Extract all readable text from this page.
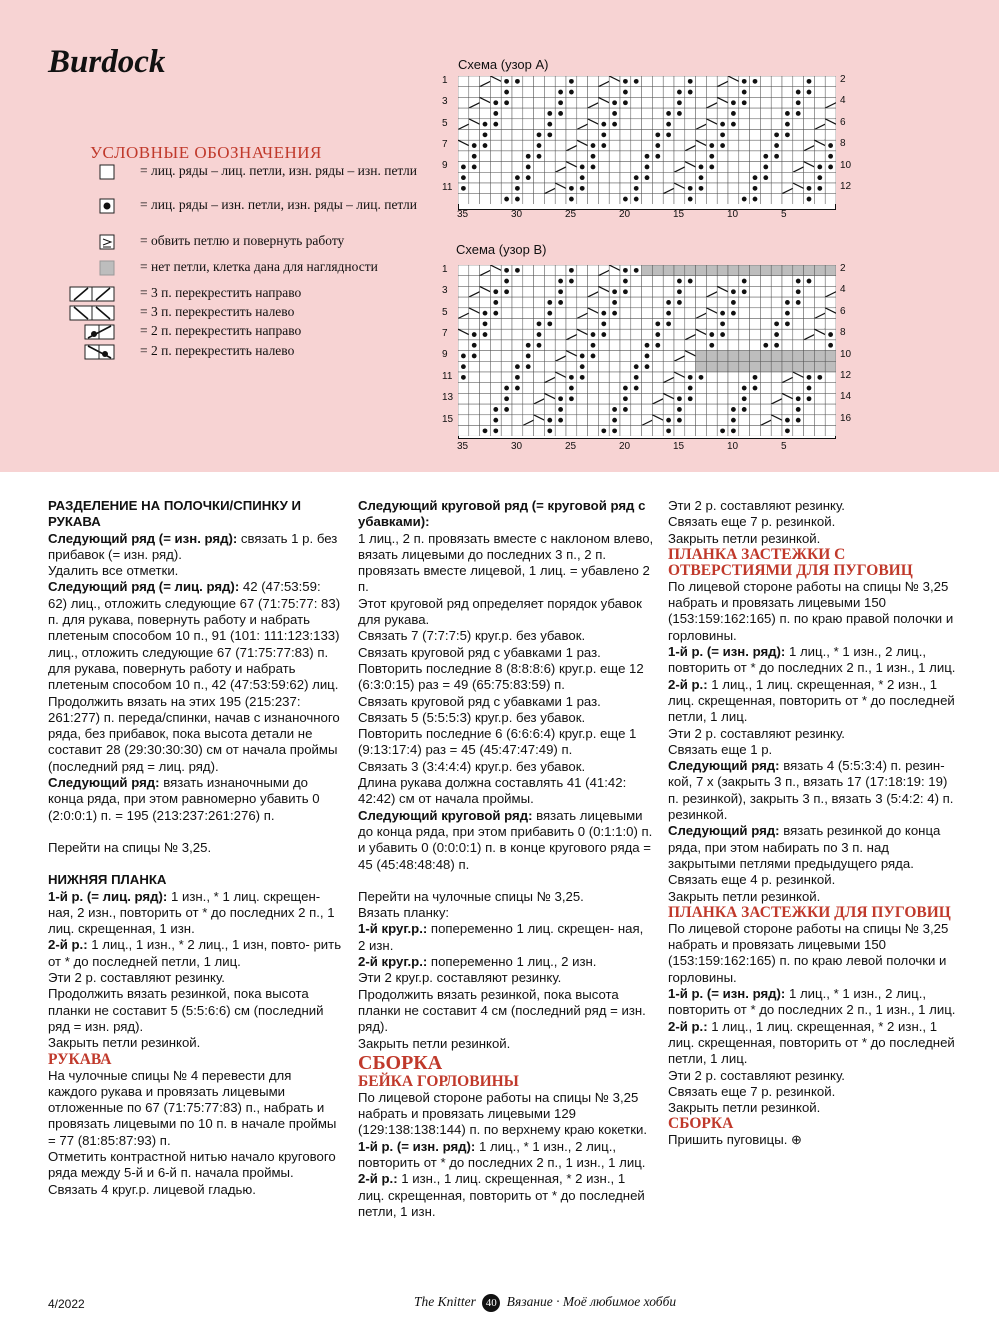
Burdock
УСЛОВНЫЕ ОБОЗНАЧЕНИЯ
= лиц. ряды – лиц. петли, изн. ряды – изн. петли
= лиц. ряды – изн. петли, изн. ряды – лиц. петли
= обвить петлю и повернуть работу
= нет петли, клетка дана для наглядности
= 3 п. перекрестить направо
= 3 п. перекрестить налево
= 2 п. перекрестить направо
= 2 п. перекрестить налево
Схема (узор A)
11
9
7
5
3
1
12
10
8
6
4
2
35	30	25	20	15	10	5
Схема (узор B)
15
13
11
9
7
5
3
1
16
14
12
10
8
6
4
2
35	30	25	20	15	10	5

РАЗДЕЛЕНИЕ НА ПОЛОЧКИ/СПИНКУ И РУКАВА

Следующий ряд (= изн. ряд): связать 1 р. без прибавок (= изн. ряд).

Удалить все отметки.

Следующий ряд (= лиц. ряд): 42 (47:53:59: 62) лиц., отложить следующие 67 (71:75:77: 83) п. для рукава, повернуть работу и набрать плетеным способом 10 п., 91 (101: 111:123:133) лиц., отложить следующие 67 (71:75:77:83) п. для рукава, повернуть работу и набрать плетеным способом 10 п., 42 (47:53:59:62) лиц.

Продолжить вязать на этих 195 (215:237: 261:277) п. переда/спинки, начав с изнаночного ряда, без прибавок, пока высота детали не составит 28 (29:30:30:30) см от начала проймы (последний ряд = лиц. ряд).

Следующий ряд: вязать изнаночными до конца ряда, при этом равномерно убавить 0 (2:0:0:1) п. = 195 (213:237:261:276) п.

Перейти на спицы № 3,25.

НИЖНЯЯ ПЛАНКА

1-й р. (= лиц. ряд): 1 изн., * 1 лиц. скрещен- ная, 2 изн., повторить от * до последних 2 п., 1 лиц. скрещенная, 1 изн.

2-й р.: 1 лиц., 1 изн., * 2 лиц., 1 изн, повто- рить от * до последней петли, 1 лиц.

Эти 2 р. составляют резинку.

Продолжить вязать резинкой, пока высота планки не составит 5 (5:5:6:6) см (последний ряд = изн. ряд).

Закрыть петли резинкой.

РУКАВА

На чулочные спицы № 4 перевести для каждого рукава и провязать лицевыми отложенные по 67 (71:75:77:83) п., набрать и провязать лицевыми по 10 п. в начале проймы = 77 (81:85:87:93) п.

Отметить контрастной нитью начало кругового ряда между 5-й и 6-й п. начала проймы.

Связать 4 круг.р. лицевой гладью.

Следующий круговой ряд (= круговой ряд с убавками):

1 лиц., 2 п. провязать вместе с наклоном влево, вязать лицевыми до последних 3 п., 2 п. провязать вместе лицевой, 1 лиц. = убавлено 2 п.

Этот круговой ряд определяет порядок убавок для рукава.

Связать 7 (7:7:7:5) круг.р. без убавок.

Связать круговой ряд с убавками 1 раз.

Повторить последние 8 (8:8:8:6) круг.р. еще 12 (6:3:0:15) раз = 49 (65:75:83:59) п.

Связать круговой ряд с убавками 1 раз.

Связать 5 (5:5:5:3) круг.р. без убавок.

Повторить последние 6 (6:6:6:4) круг.р. еще 1 (9:13:17:4) раз = 45 (45:47:47:49) п.

Связать 3 (3:4:4:4) круг.р. без убавок.

Длина рукава должна составлять 41 (41:42: 42:42) см от начала проймы.

Следующий круговой ряд: вязать лицевыми до конца ряда, при этом прибавить 0 (0:1:1:0) п. и убавить 0 (0:0:0:1) п. в конце кругового ряда = 45 (45:48:48:48) п.

Перейти на чулочные спицы № 3,25.

Вязать планку:

1-й круг.р.: попеременно 1 лиц. скрещен- ная, 2 изн.

2-й круг.р.: попеременно 1 лиц., 2 изн.

Эти 2 круг.р. составляют резинку.

Продолжить вязать резинкой, пока высота планки не составит 4 см (последний ряд = изн. ряд).

Закрыть петли резинкой.

СБОРКА

БЕЙКА ГОРЛОВИНЫ

По лицевой стороне работы на спицы № 3,25 набрать и провязать лицевыми 129 (129:138:138:144) п. по верхнему краю кокетки.

1-й р. (= изн. ряд): 1 лиц., * 1 изн., 2 лиц., повторить от * до последних 2 п., 1 изн., 1 лиц.

2-й р.: 1 изн., 1 лиц. скрещенная, * 2 изн., 1 лиц. скрещенная, повторить от * до последней петли, 1 изн.

Эти 2 р. составляют резинку.

Связать еще 7 р. резинкой.

Закрыть петли резинкой.

ПЛАНКА ЗАСТЕЖКИ С ОТВЕРСТИЯМИ ДЛЯ ПУГОВИЦ

По лицевой стороне работы на спицы № 3,25 набрать и провязать лицевыми 150 (153:159:162:165) п. по краю правой полочки и горловины.

1-й р. (= изн. ряд): 1 лиц., * 1 изн., 2 лиц., повторить от * до последних 2 п., 1 изн., 1 лиц.

2-й р.: 1 лиц., 1 лиц. скрещенная, * 2 изн., 1 лиц. скрещенная, повторить от * до последней петли, 1 лиц.

Эти 2 р. составляют резинку.

Связать еще 1 р.

Следующий ряд: вязать 4 (5:5:3:4) п. резин- кой, 7 х (закрыть 3 п., вязать 17 (17:18:19: 19) п. резинкой), закрыть 3 п., вязать 3 (5:4:2: 4) п. резинкой.

Следующий ряд: вязать резинкой до конца ряда, при этом набирать по 3 п. над закрытыми петлями предыдущего ряда.

Связать еще 4 р. резинкой.

Закрыть петли резинкой.

ПЛАНКА ЗАСТЕЖКИ ДЛЯ ПУГОВИЦ

По лицевой стороне работы на спицы № 3,25 набрать и провязать лицевыми 150 (153:159:162:165) п. по краю левой полочки и горловины.

1-й р. (= изн. ряд): 1 лиц., * 1 изн., 2 лиц., повторить от * до последних 2 п., 1 изн., 1 лиц.

2-й р.: 1 лиц., 1 лиц. скрещенная, * 2 изн., 1 лиц. скрещенная, повторить от * до последней петли, 1 лиц.

Эти 2 р. составляют резинку.

Связать еще 7 р. резинкой.

Закрыть петли резинкой.

СБОРКА

Пришить пуговицы. ⊕

4/2022	The Knitter 40 Вязание · Моё любимое хобби
